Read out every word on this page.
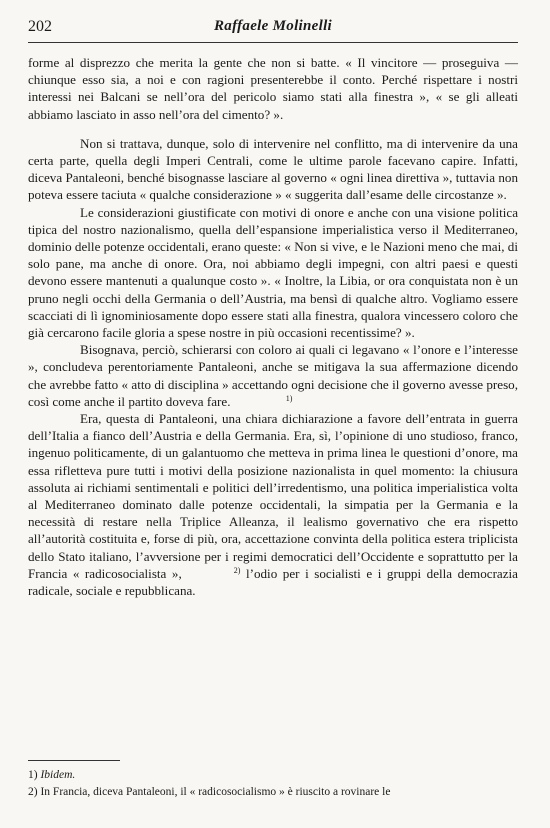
202	Raffaele Molinelli

forme al disprezzo che merita la gente che non si batte. « Il vincitore — proseguiva — chiunque esso sia, a noi e con ragioni presenterebbe il conto. Perché rispettare i nostri interessi nei Balcani se nell’ora del pericolo siamo stati alla finestra », « se gli alleati abbiamo lasciato in asso nell’ora del cimento? ».

Non si trattava, dunque, solo di intervenire nel conflitto, ma di intervenire da una certa parte, quella degli Imperi Centrali, come le ultime parole facevano capire. Infatti, diceva Pantaleoni, benché bisognasse lasciare al governo « ogni linea direttiva », tuttavia non poteva essere taciuta « qualche considerazione » « suggerita dall’esame delle circostanze ».

Le considerazioni giustificate con motivi di onore e anche con una visione politica tipica del nostro nazionalismo, quella dell’espansione imperialistica verso il Mediterraneo, dominio delle potenze occidentali, erano queste: « Non si vive, e le Nazioni meno che mai, di solo pane, ma anche di onore. Ora, noi abbiamo degli impegni, con altri paesi e questi devono essere mantenuti a qualunque costo ». « Inoltre, la Libia, or ora conquistata non è un pruno negli occhi della Germania o dell’Austria, ma bensì di qualche altro. Vogliamo essere scacciati di lì ignominiosamente dopo essere stati alla finestra, qualora vincessero coloro che già cercarono facile gloria a spese nostre in più occasioni recentissime? ».

Bisognava, perciò, schierarsi con coloro ai quali ci legavano « l’onore e l’interesse », concludeva perentoriamente Pantaleoni, anche se mitigava la sua affermazione dicendo che avrebbe fatto « atto di disciplina » accettando ogni decisione che il governo avesse preso, così come anche il partito doveva fare.	1)

Era, questa di Pantaleoni, una chiara dichiarazione a favore dell’entrata in guerra dell’Italia a fianco dell’Austria e della Germania. Era, sì, l’opinione di uno studioso, franco, ingenuo politicamente, di un galantuomo che metteva in prima linea le questioni d’onore, ma essa rifletteva pure tutti i motivi della posizione nazionalista in quel momento: la chiusura assoluta ai richiami sentimentali e politici dell’irredentismo, una politica imperialistica volta al Mediterraneo dominato dalle potenze occidentali, la simpatia per la Germania e la necessità di restare nella Triplice Alleanza, il lealismo governativo che era rispetto all’autorità costituita e, forse di più, ora, accettazione convinta della politica estera triplicista dello Stato italiano, l’avversione per i regimi democratici dell’Occidente e soprattutto per la Francia « radicosocialista »,	2) l’odio per i socialisti e i gruppi della democrazia radicale, sociale e repubblicana.

1) Ibidem.
2) In Francia, diceva Pantaleoni, il « radicosocialismo » è riuscito a rovinare le
